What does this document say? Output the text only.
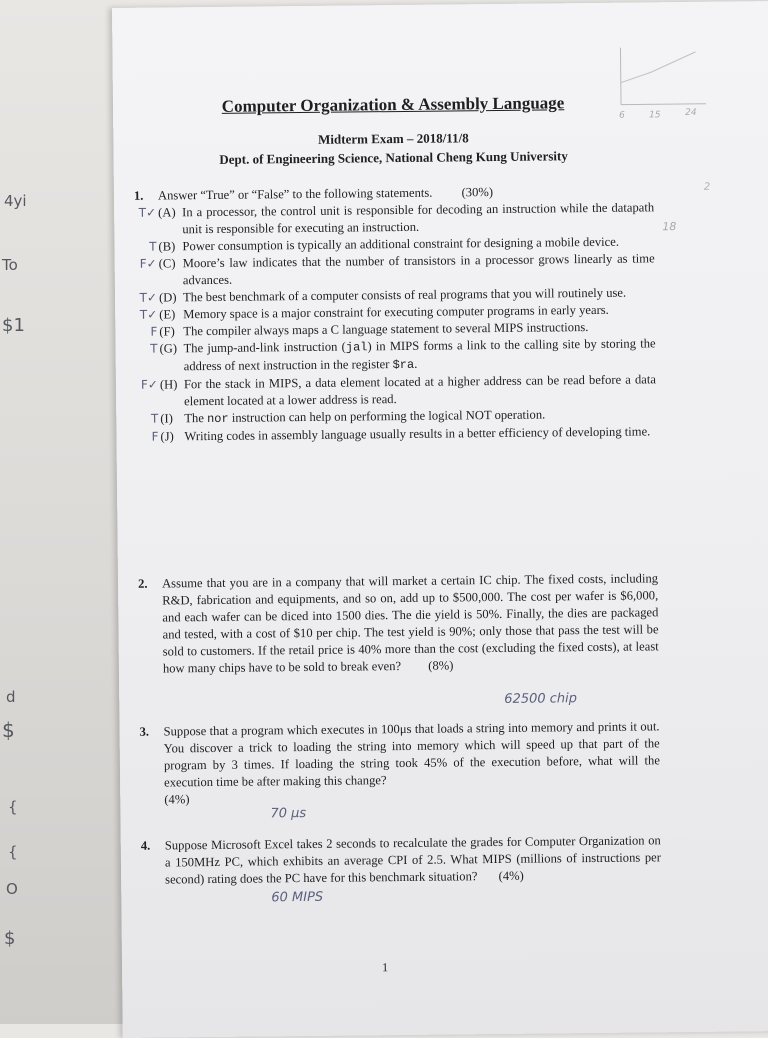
4yi
To
$1
d
$
{
{
O
$
6	15	24
2
18
Computer Organization & Assembly Language
Midterm Exam – 2018/11/8
Dept. of Engineering Science, National Cheng Kung University
1. Answer “True” or “False” to the following statements. (30%)
T✓ (A) In a processor, the control unit is responsible for decoding an instruction while the datapath unit is responsible for executing an instruction.
T (B) Power consumption is typically an additional constraint for designing a mobile device.
F✓ (C) Moore’s law indicates that the number of transistors in a processor grows linearly as time advances.
T✓ (D) The best benchmark of a computer consists of real programs that you will routinely use.
T✓ (E) Memory space is a major constraint for executing computer programs in early years.
F (F) The compiler always maps a C language statement to several MIPS instructions.
T (G) The jump-and-link instruction (jal) in MIPS forms a link to the calling site by storing the address of next instruction in the register $ra.
F✓ (H) For the stack in MIPS, a data element located at a higher address can be read before a data element located at a lower address is read.
T (I) The nor instruction can help on performing the logical NOT operation.
F (J) Writing codes in assembly language usually results in a better efficiency of developing time.
2. Assume that you are in a company that will market a certain IC chip. The fixed costs, including R&D, fabrication and equipments, and so on, add up to $500,000. The cost per wafer is $6,000, and each wafer can be diced into 1500 dies. The die yield is 50%. Finally, the dies are packaged and tested, with a cost of $10 per chip. The test yield is 90%; only those that pass the test will be sold to customers. If the retail price is 40% more than the cost (excluding the fixed costs), at least how many chips have to be sold to break even? (8%)
62500 chip
3. Suppose that a program which executes in 100μs that loads a string into memory and prints it out. You discover a trick to loading the string into memory which will speed up that part of the program by 3 times. If loading the string took 45% of the execution before, what will the execution time be after making this change?
(4%)
70 μs
4. Suppose Microsoft Excel takes 2 seconds to recalculate the grades for Computer Organization on a 150MHz PC, which exhibits an average CPI of 2.5. What MIPS (millions of instructions per second) rating does the PC have for this benchmark situation? (4%)
60 MIPS
1
